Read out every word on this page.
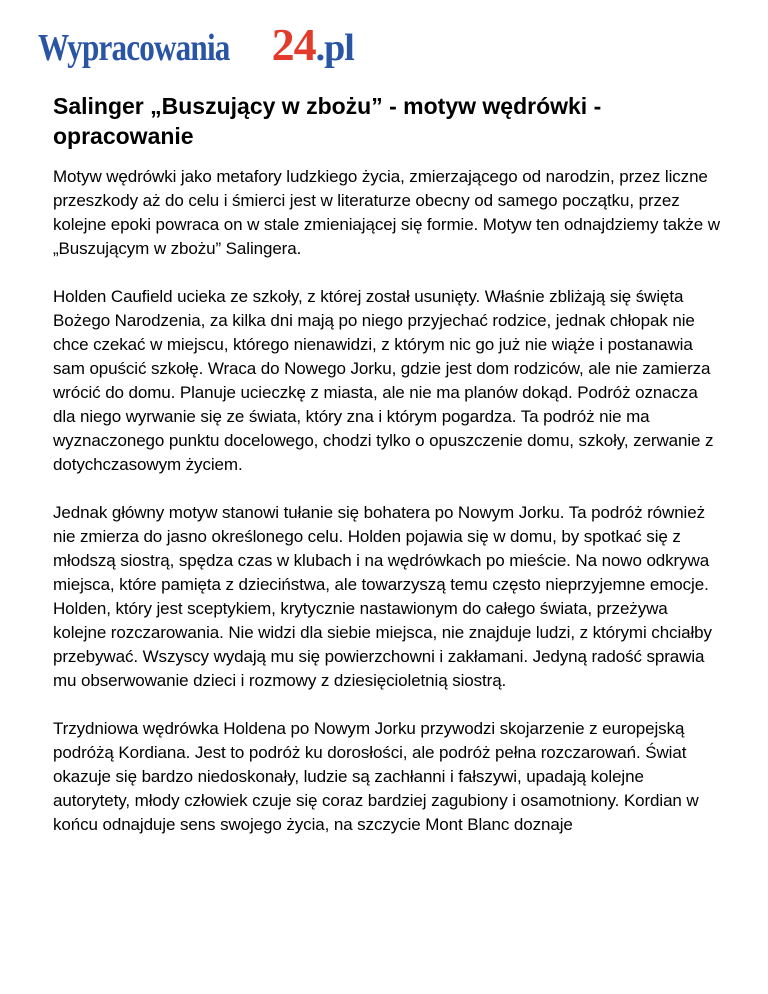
Wypracowania 24 .pl
Salinger „Buszujący w zbożu” - motyw wędrówki - opracowanie

Motyw wędrówki jako metafory ludzkiego życia, zmierzającego od narodzin, przez liczne przeszkody aż do celu i śmierci jest w literaturze obecny od samego początku, przez kolejne epoki powraca on w stale zmieniającej się formie. Motyw ten odnajdziemy także w „Buszującym w zbożu” Salingera.

Holden Caufield ucieka ze szkoły, z której został usunięty. Właśnie zbliżają się święta Bożego Narodzenia, za kilka dni mają po niego przyjechać rodzice, jednak chłopak nie chce czekać w miejscu, którego nienawidzi, z którym nic go już nie wiąże i postanawia sam opuścić szkołę. Wraca do Nowego Jorku, gdzie jest dom rodziców, ale nie zamierza wrócić do domu. Planuje ucieczkę z miasta, ale nie ma planów dokąd. Podróż oznacza dla niego wyrwanie się ze świata, który zna i którym pogardza. Ta podróż nie ma wyznaczonego punktu docelowego, chodzi tylko o opuszczenie domu, szkoły, zerwanie z dotychczasowym życiem.

Jednak główny motyw stanowi tułanie się bohatera po Nowym Jorku. Ta podróż również nie zmierza do jasno określonego celu. Holden pojawia się w domu, by spotkać się z młodszą siostrą, spędza czas w klubach i na wędrówkach po mieście. Na nowo odkrywa miejsca, które pamięta z dzieciństwa, ale towarzyszą temu często nieprzyjemne emocje. Holden, który jest sceptykiem, krytycznie nastawionym do całego świata, przeżywa kolejne rozczarowania. Nie widzi dla siebie miejsca, nie znajduje ludzi, z którymi chciałby przebywać. Wszyscy wydają mu się powierzchowni i zakłamani. Jedyną radość sprawia mu obserwowanie dzieci i rozmowy z dziesięcioletnią siostrą.

Trzydniowa wędrówka Holdena po Nowym Jorku przywodzi skojarzenie z europejską podróżą Kordiana. Jest to podróż ku dorosłości, ale podróż pełna rozczarowań. Świat okazuje się bardzo niedoskonały, ludzie są zachłanni i fałszywi, upadają kolejne autorytety, młody człowiek czuje się coraz bardziej zagubiony i osamotniony. Kordian w końcu odnajduje sens swojego życia, na szczycie Mont Blanc doznaje
